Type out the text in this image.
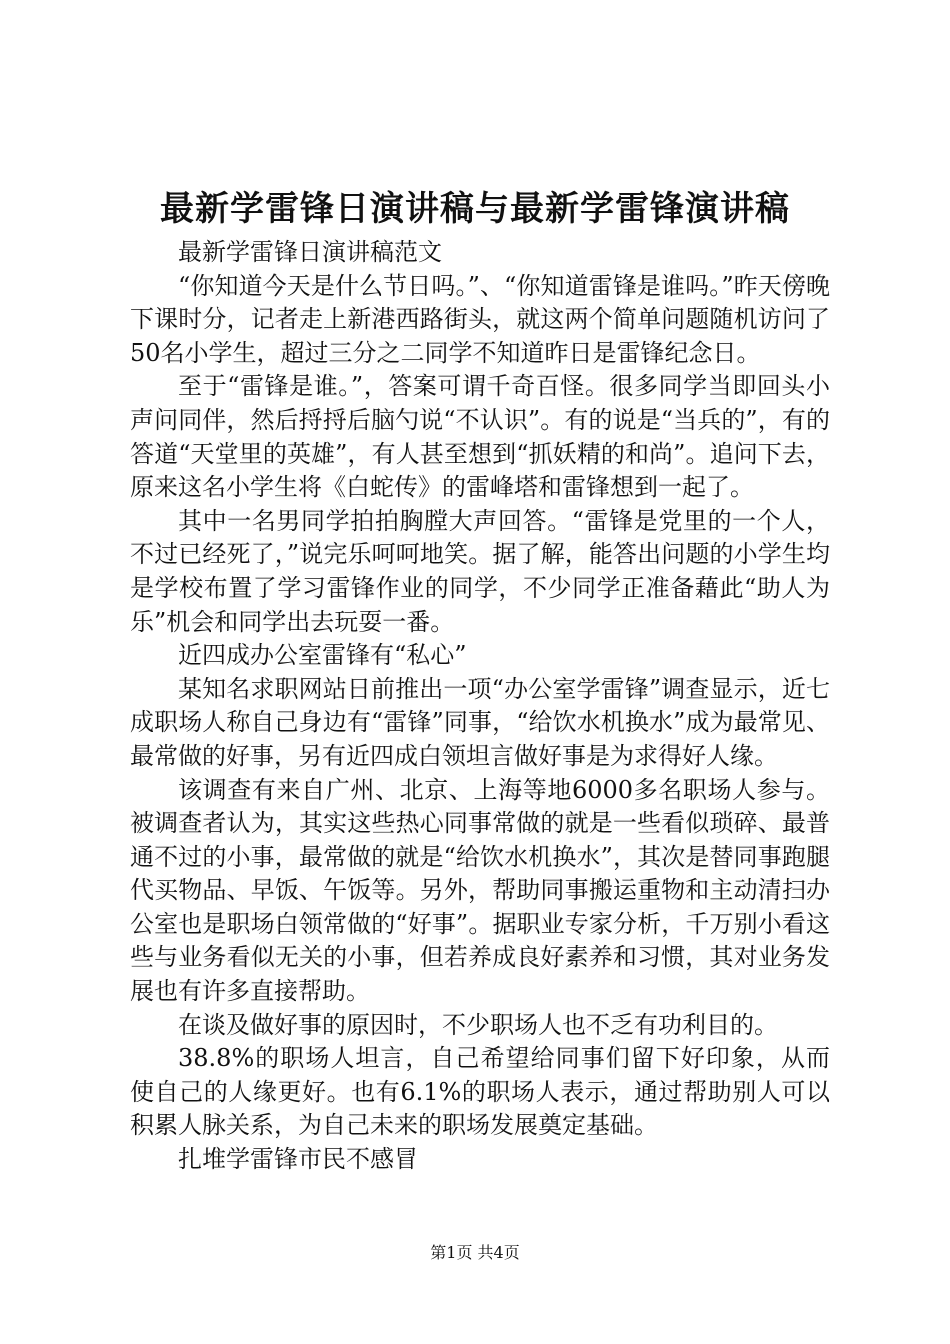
最新学雷锋日演讲稿与最新学雷锋演讲稿

最新学雷锋日演讲稿范文

“你知道今天是什么节日吗。”、“你知道雷锋是谁吗。”昨天傍晚下课时分，记者走上新港西路街头，就这两个简单问题随机访问了50名小学生，超过三分之二同学不知道昨日是雷锋纪念日。

至于“雷锋是谁。”，答案可谓千奇百怪。很多同学当即回头小声问同伴，然后捋捋后脑勺说“不认识”。有的说是“当兵的”，有的答道“天堂里的英雄”，有人甚至想到“抓妖精的和尚”。追问下去，原来这名小学生将《白蛇传》的雷峰塔和雷锋想到一起了。

其中一名男同学拍拍胸膛大声回答。“雷锋是党里的一个人，不过已经死了，”说完乐呵呵地笑。据了解，能答出问题的小学生均是学校布置了学习雷锋作业的同学，不少同学正准备藉此“助人为乐”机会和同学出去玩耍一番。

近四成办公室雷锋有“私心”

某知名求职网站日前推出一项“办公室学雷锋”调查显示，近七成职场人称自己身边有“雷锋”同事，“给饮水机换水”成为最常见、最常做的好事，另有近四成白领坦言做好事是为求得好人缘。

该调查有来自广州、北京、上海等地6000多名职场人参与。被调查者认为，其实这些热心同事常做的就是一些看似琐碎、最普通不过的小事，最常做的就是“给饮水机换水”，其次是替同事跑腿代买物品、早饭、午饭等。另外，帮助同事搬运重物和主动清扫办公室也是职场白领常做的“好事”。据职业专家分析，千万别小看这些与业务看似无关的小事，但若养成良好素养和习惯，其对业务发展也有许多直接帮助。

在谈及做好事的原因时，不少职场人也不乏有功利目的。

38.8%的职场人坦言，自己希望给同事们留下好印象，从而使自己的人缘更好。也有6.1%的职场人表示，通过帮助别人可以积累人脉关系，为自己未来的职场发展奠定基础。

扎堆学雷锋市民不感冒

第1页 共4页
